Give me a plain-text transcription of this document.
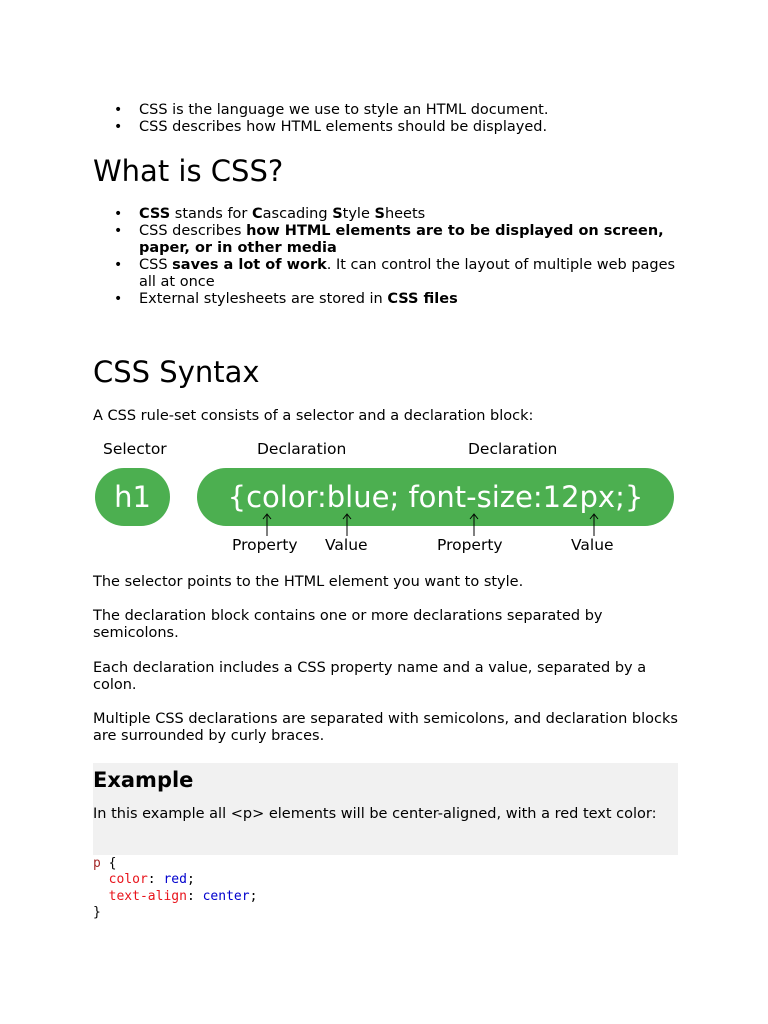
• CSS is the language we use to style an HTML document.
• CSS describes how HTML elements should be displayed.
What is CSS?
• CSS stands for Cascading Style Sheets
• CSS describes how HTML elements are to be displayed on screen, paper, or in other media
• CSS saves a lot of work. It can control the layout of multiple web pages all at once
• External stylesheets are stored in CSS files
CSS Syntax

A CSS rule-set consists of a selector and a declaration block:

Selector	Declaration	Declaration
h1	{color:blue; font-size:12px;}
Property Value	Property	Value

The selector points to the HTML element you want to style.

The declaration block contains one or more declarations separated by semicolons.

Each declaration includes a CSS property name and a value, separated by a colon.

Multiple CSS declarations are separated with semicolons, and declaration blocks are surrounded by curly braces.

Example
In this example all <p> elements will be center-aligned, with a red text color:
p {
color: red;
text-align: center;
}
